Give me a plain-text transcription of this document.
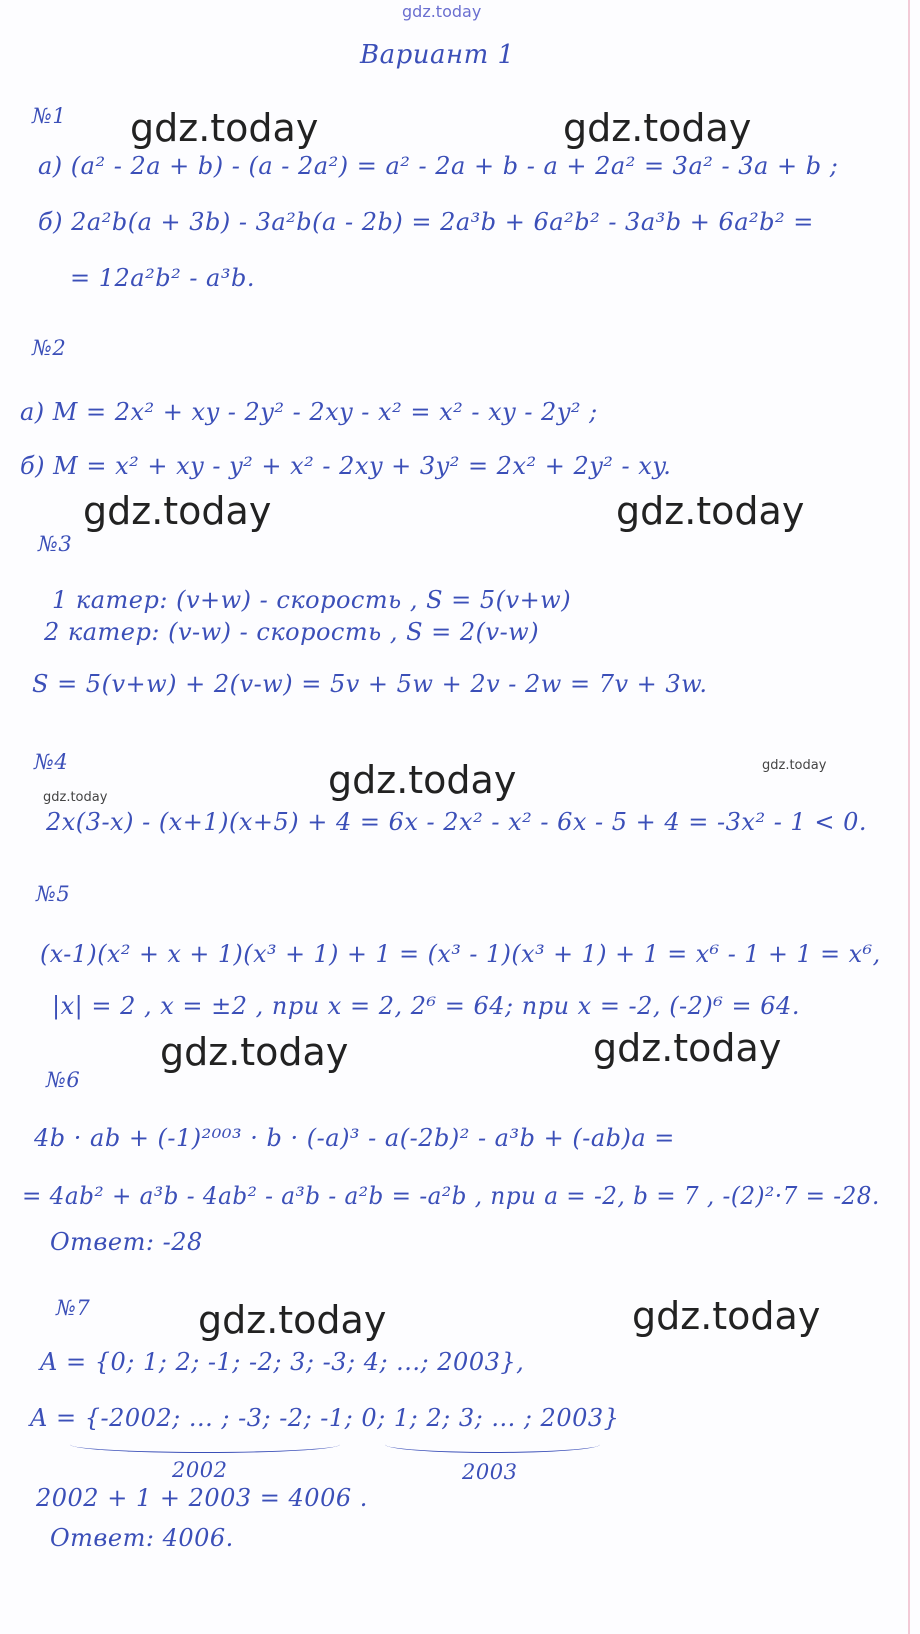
gdz.today
gdz.today	gdz.today
gdz.today	gdz.today
gdz.today	gdz.today
gdz.today
gdz.today	gdz.today
gdz.today	gdz.today
Вариант 1
№1
а) (a² - 2a + b) - (a - 2a²) = a² - 2a + b - a + 2a² = 3a² - 3a + b ;
б) 2a²b(a + 3b) - 3a²b(a - 2b) = 2a³b + 6a²b² - 3a³b + 6a²b² =
= 12a²b² - a³b.
№2
а) M = 2x² + xy - 2y² - 2xy - x² = x² - xy - 2y² ;
б) M = x² + xy - y² + x² - 2xy + 3y² = 2x² + 2y² - xy.
№3
1 катер: (v+w) - скорость , S = 5(v+w)
2 катер: (v-w) - скорость , S = 2(v-w)
S = 5(v+w) + 2(v-w) = 5v + 5w + 2v - 2w = 7v + 3w.
№4
2x(3-x) - (x+1)(x+5) + 4 = 6x - 2x² - x² - 6x - 5 + 4 = -3x² - 1 < 0.
№5
(x-1)(x² + x + 1)(x³ + 1) + 1 = (x³ - 1)(x³ + 1) + 1 = x⁶ - 1 + 1 = x⁶,
|x| = 2 , x = ±2 , при x = 2, 2⁶ = 64; при x = -2, (-2)⁶ = 64.
№6
4b · ab + (-1)²⁰⁰³ · b · (-a)³ - a(-2b)² - a³b + (-ab)a =
= 4ab² + a³b - 4ab² - a³b - a²b = -a²b , при a = -2, b = 7 , -(2)²·7 = -28.
Ответ: -28
№7
A = {0; 1; 2; -1; -2; 3; -3; 4; ...; 2003},
A = {-2002; ... ; -3; -2; -1; 0; 1; 2; 3; ... ; 2003}
2002	2003
2002 + 1 + 2003 = 4006 .
Ответ: 4006.
